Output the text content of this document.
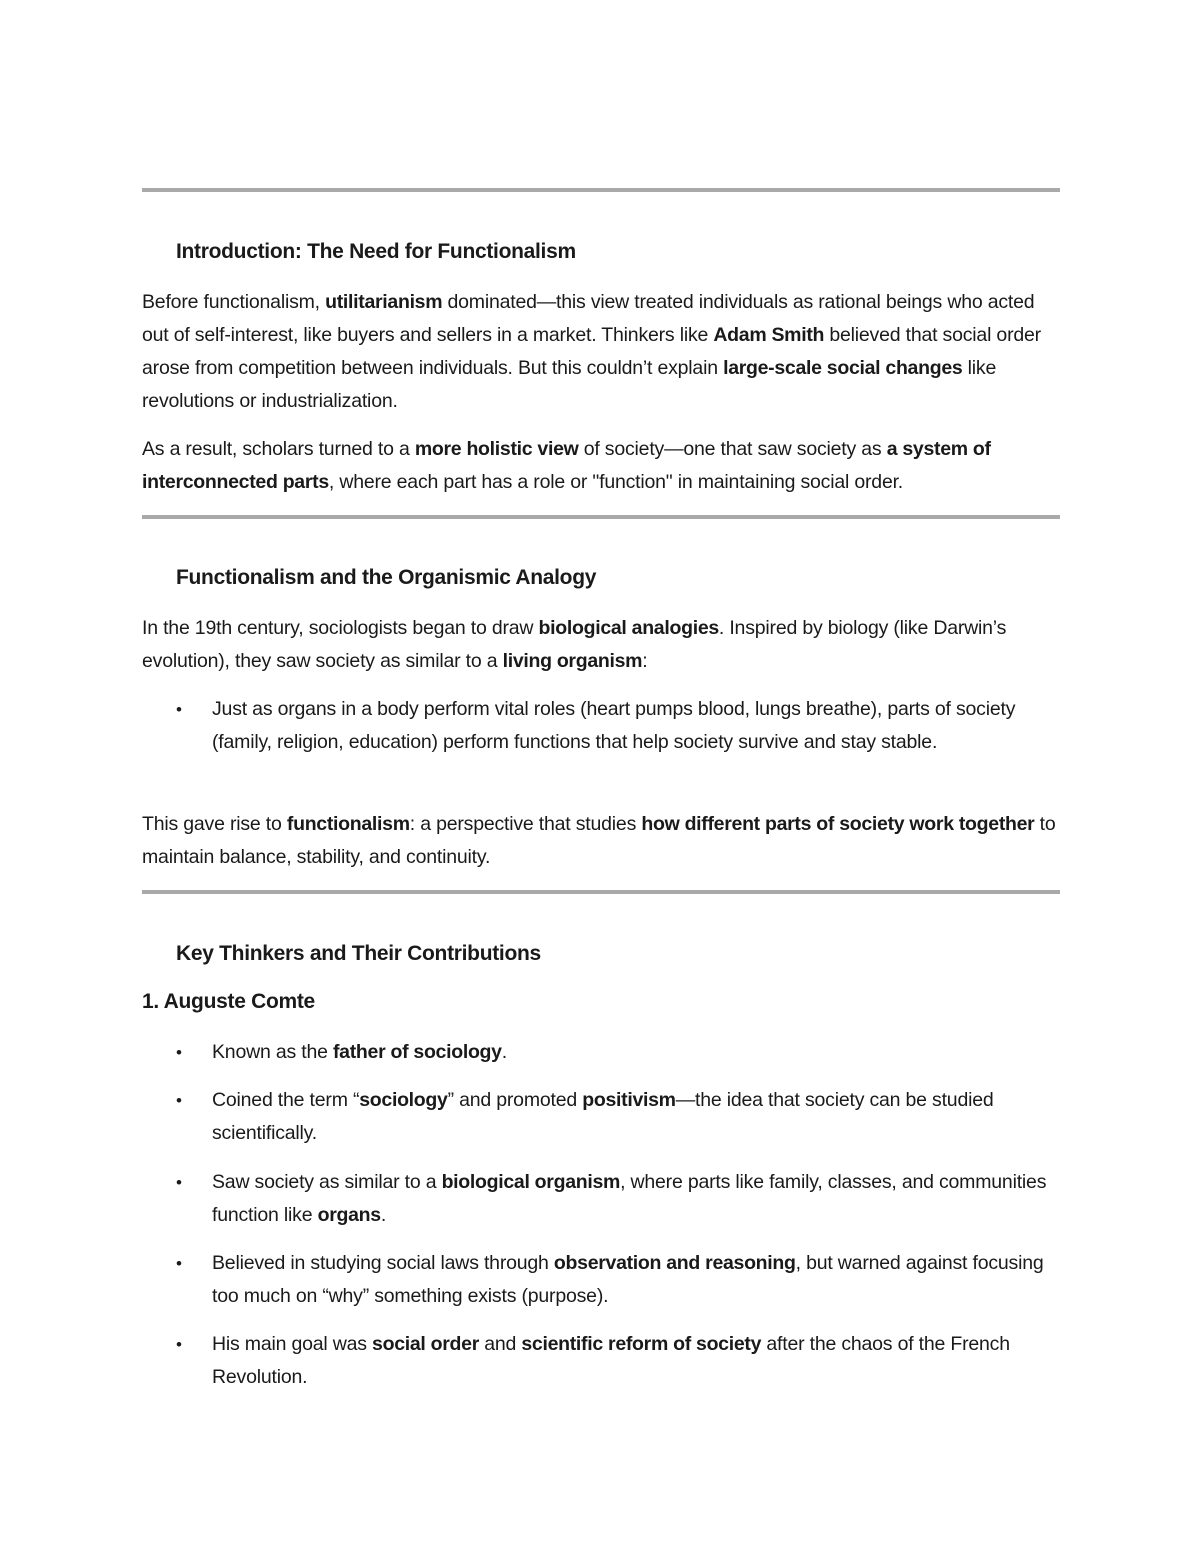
Introduction: The Need for Functionalism
Before functionalism, utilitarianism dominated—this view treated individuals as rational beings who acted out of self-interest, like buyers and sellers in a market. Thinkers like Adam Smith believed that social order arose from competition between individuals. But this couldn’t explain large-scale social changes like revolutions or industrialization.
As a result, scholars turned to a more holistic view of society—one that saw society as a system of interconnected parts, where each part has a role or "function" in maintaining social order.
Functionalism and the Organismic Analogy
In the 19th century, sociologists began to draw biological analogies. Inspired by biology (like Darwin’s evolution), they saw society as similar to a living organism:
• Just as organs in a body perform vital roles (heart pumps blood, lungs breathe), parts of society (family, religion, education) perform functions that help society survive and stay stable.
This gave rise to functionalism: a perspective that studies how different parts of society work together to maintain balance, stability, and continuity.
Key Thinkers and Their Contributions
1. Auguste Comte
• Known as the father of sociology.
• Coined the term “sociology” and promoted positivism—the idea that society can be studied scientifically.
• Saw society as similar to a biological organism, where parts like family, classes, and communities function like organs.
• Believed in studying social laws through observation and reasoning, but warned against focusing too much on “why” something exists (purpose).
• His main goal was social order and scientific reform of society after the chaos of the French Revolution.
